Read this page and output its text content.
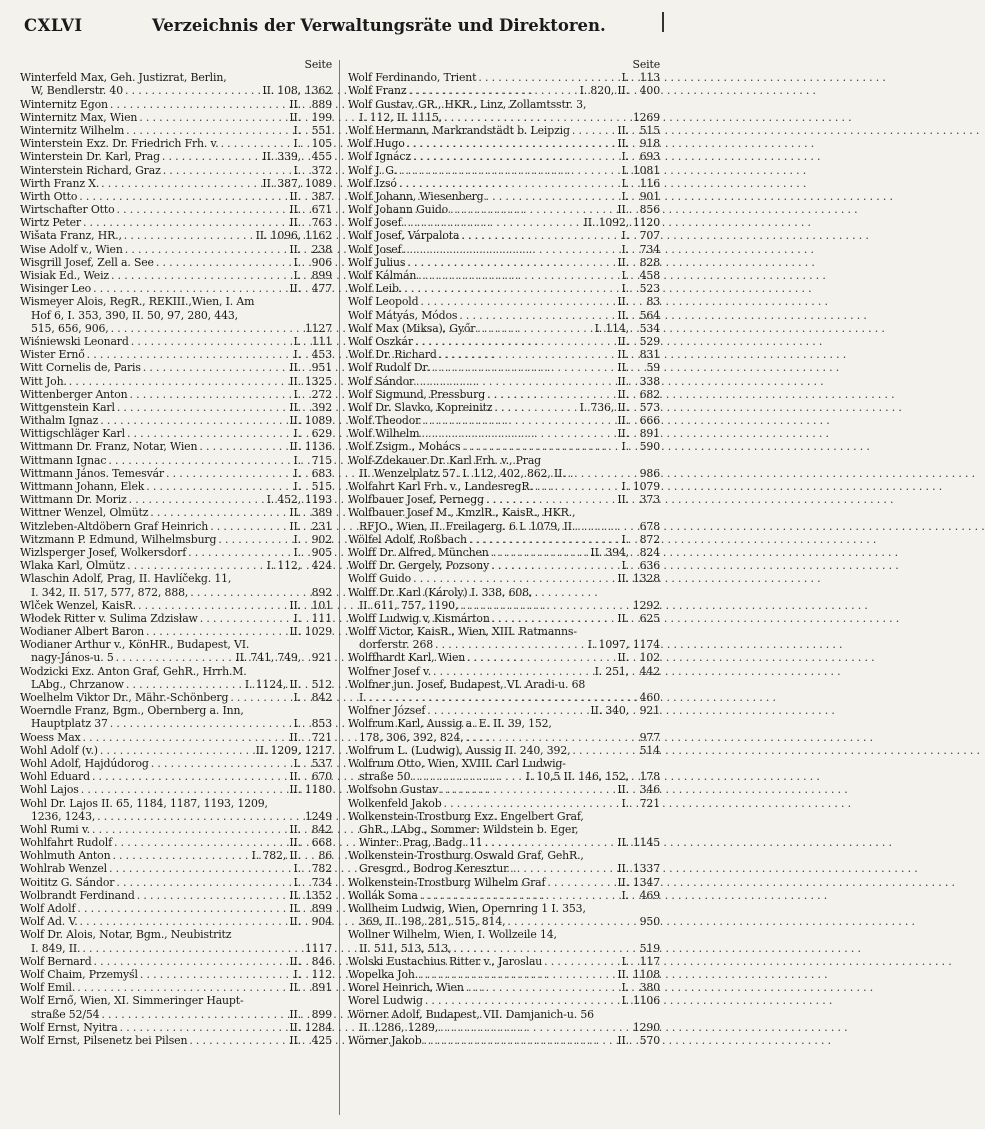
CXLVI	Verzeichnis der Verwaltungsräte und Direktoren.
Seite
Winterfeld Max, Geh. Justizrat, Berlin,
W, Bendlerstr. 40 . . .	II. 108, 1362
Winternitz Egon . . .	II. 889
Winternitz Max, Wien . . .	II. 199
Winternitz Wilhelm . . .	I. 551
Winterstein Exz. Dr. Friedrich Frh. v. . . .	I. 105
Winterstein Dr. Karl, Prag . . .	II. 339, 455
Winterstein Richard, Graz . . .	I. 372
Wirth Franz X. . . .	II. 387, 1089
Wirth Otto . . .	II. 387
Wirtschafter Otto . . .	II. 671
Wirtz Peter . . .	II. 763
Wišata Franz, HR., . . .	II. 1096, 1162
Wise Adolf v., Wien . . .	II. 238
Wisgrill Josef, Zell a. See . . .	I. 906
Wisiak Ed., Weiz . . .	I. 899
Wisinger Leo . . .	II. 477
Wismeyer Alois, RegR., REKIII.,Wien, I. Am
Hof 6, I. 353, 390, II. 50, 97, 280, 443,
515, 656, 906, . . .	1127
Wiśniewski Leonard . . .	I. 111
Wister Ernő . . .	I. 453
Witt Cornelis de, Paris . . .	II. 951
Witt Joh. . . .	II. 1325
Wittenberger Anton . . .	I. 272
Wittgenstein Karl . . .	II. 392
Withalm Ignaz . . .	II. 1089
Wittigschläger Karl . . .	I. 629
Wittmann Dr. Franz, Notar, Wien . . .	II. 1136
Wittmann Ignac . . .	I. 715
Wittmann János. Temesvár . . .	I. 683
Wittmann Johann, Elek . . .	I. 515
Wittmann Dr. Moriz . . .	I. 452, 1193
Wittner Wenzel, Olmütz . . .	II. 389
Witzleben-Altdöbern Graf Heinrich . . .	II. 231
Witzmann P. Edmund, Wilhelmsburg . . .	I. 902
Wizlsperger Josef, Wolkersdorf . . .	I. 905
Wlaka Karl, Olmütz . . .	I. 112, 424
Wlaschin Adolf, Prag, II. Havlíčekg. 11,
I. 342, II. 517, 577, 872, 888, . . .	892
Wlček Wenzel, KaisR. . . .	II. 101
Włodek Ritter v. Sulima Zdzisław . . .	I. 111
Wodianer Albert Baron . . .	II. 1029
Wodianer Arthur v., KönHR., Budapest, VI.
nagy-János-u. 5 . . .	II. 741, 749, 921
Wodzicki Exz. Anton Graf, GehR., Hrrh.M.
LAbg., Chrzanow . . .	I. 1124, II. 512
Woelhelm Viktor Dr., Mähr.-Schönberg . . .	I. 842
Woerndle Franz, Bgm., Obernberg a. Inn,
Hauptplatz 37 . . .	I. 853
Woess Max . . .	II. 721
Wohl Adolf (v.) . . .	II. 1209, 1217
Wohl Adolf, Hajdúdorog . . .	I. 537
Wohl Eduard . . .	II. 670
Wohl Lajos . . .	II. 1180
Wohl Dr. Lajos II. 65, 1184, 1187, 1193, 1209,
1236, 1243, . . .	1249
Wohl Rumi v. . . .	II. 842
Wohlfahrt Rudolf . . .	II. 668
Wohlmuth Anton . . .	I. 782, II.	86
Wohlrab Wenzel . . .	I. 782
Woititz G. Sándor . . .	I. 734
Wolbrandt Ferdinand . . .	II. 1352
Wolf Adolf . . .	II. 899
Wolf Ad. V. . . .	II. 904
Wolf Dr. Alois, Notar, Bgm., Neubistritz
I. 849, II. . . .	1117
Wolf Bernard . . .	II. 846
Wolf Chaim, Przemyśl . . .	I. 112
Wolf Emil. . . .	II. 891
Wolf Ernő, Wien, XI. Simmeringer Haupt-
straße 52/54 . . .	II. 899
Wolf Ernst, Nyitra . . .	II. 1284
Wolf Ernst, Pilsenetz bei Pilsen . . .	II. 425
Seite
Wolf Ferdinando, Trient . . .	I. 113
Wolf Franz . . .	I. 820, II. 400
Wolf Gustav, GR., HKR., Linz, Zollamtsstr. 3,
I. 112, II. 1115, . . .	1269
Wolf Hermann, Markrandstädt b. Leipzig . . .	II. 515
Wolf Hugo . . .	II. 918
Wolf Ignácz . . .	I. 693
Wolf J. G. . . .	I. 1081
Wolf Izsó . . .	I. 116
Wolf Johann, Wiesenberg . . .	I. 901
Wolf Johann Guido . . .	II. 856
Wolf Josef . . .	II. 1092, 1120
Wolf Josef, Várpalota . . .	I. 707
Wolf Josef. . . .	I. 734
Wolf Julius . . .	II. 828
Wolf Kálmán . . .	I. 458
Wolf Leib. . . .	I. 523
Wolf Leopold . . .	II.	83
Wolf Mátyás, Módos . . .	II. 564
Wolf Max (Miksa), Győr . . .	I. 114, 534
Wolf Oszkár . . .	II. 529
Wolf Dr. Richard . . .	II. 831
Wolf Rudolf Dr. . . .	II.	59
Wolf Sándor . . .	II. 338
Wolf Sigmund, Pressburg . . .	II. 682
Wolf Dr. Slavko, Kopreinitz . . .	I. 736, II. 573
Wolf Theodor . . .	II. 666
Wolf Wilhelm . . .	II. 891
Wolf Zsigm., Mohács . . .	I. 590
Wolf-Zdekauer Dr. Karl Frh. v., Prag
II. Wenzelplatz 57. I. 112, 402, 862, II. . . .	986
Wolfahrt Karl Frh. v., LandesregR. . . .	I. 1079
Wolfbauer Josef, Pernegg . . .	II. 373
Wolfbauer Josef M., KmzlR., KaisR., HKR.,
RFJO., Wien, II. Freilagerg. 6 I. 1079, II. . . .	678
Wölfel Adolf, Roßbach . . .	I. 872
Wolff Dr. Alfred, München . . .	II. 394, 824
Wolff Dr. Gergely, Pozsony . . .	I. 636
Wolff Guido . . .	II. 1328
Wolff Dr. Karl (Károly) I. 338, 608,
II. 611, 757, 1190, . . .	1292
Wolff Ludwig v, Kismárton . . .	II. 625
Wolff Victor, KaisR., Wien, XIII. Ratmanns-
dorferstr. 268 . . .	I. 1097, 1174
Wolffhardt Karl, Wien . . .	II. 102
Wolfner Josef v. . . .	I. 251, 442
Wolfner jun. Josef, Budapest, VI. Aradi-u. 68
I. . . .	460
Wolfner József . . .	II. 340, 921
Wolfrum Karl, Aussig a. E. II. 39, 152,
178, 306, 392, 824, . . .	977
Wolfrum L. (Ludwig), Aussig II. 240, 392, . . .	514
Wolfrum Otto, Wien, XVIII. Carl Ludwig-
straße 50 . . .	I. 10,5 II. 146, 152, 178
Wolfsohn Gustav . . .	II. 346
Wolkenfeld Jakob . . .	I. 721
Wolkenstein-Trostburg Exz. Engelbert Graf,
GhR., LAbg., Sommer: Wildstein b. Eger,
Winter: Prag, Badg. 11 . . .	II. 1145
Wolkenstein-Trostburg Oswald Graf, GehR.,
Gresgrd., Bodrog Keresztur . . .	II. 1337
Wolkenstein-Trostburg Wilhelm Graf . . .	II. 1347
Wollák Soma . . .	I. 469
Wollheim Ludwig, Wien, Opernring 1 I. 353,
369, II. 198, 281, 515, 814, . . .	950
Wollner Wilhelm, Wien, I. Wollzeile 14,
II. 511, 513, 513, . . .	519
Wolski Eustachius Ritter v., Jaroslau . . .	I. 117
Wopelka Joh. . . .	II. 1108
Worel Heinrich, Wien . . .	I. 380
Worel Ludwig . . .	I. 1106
Wörner Adolf, Budapest, VII. Damjanich-u. 56
II. 1286, 1289, . . .	1290
Wörner Jakob . . .	II. 570
